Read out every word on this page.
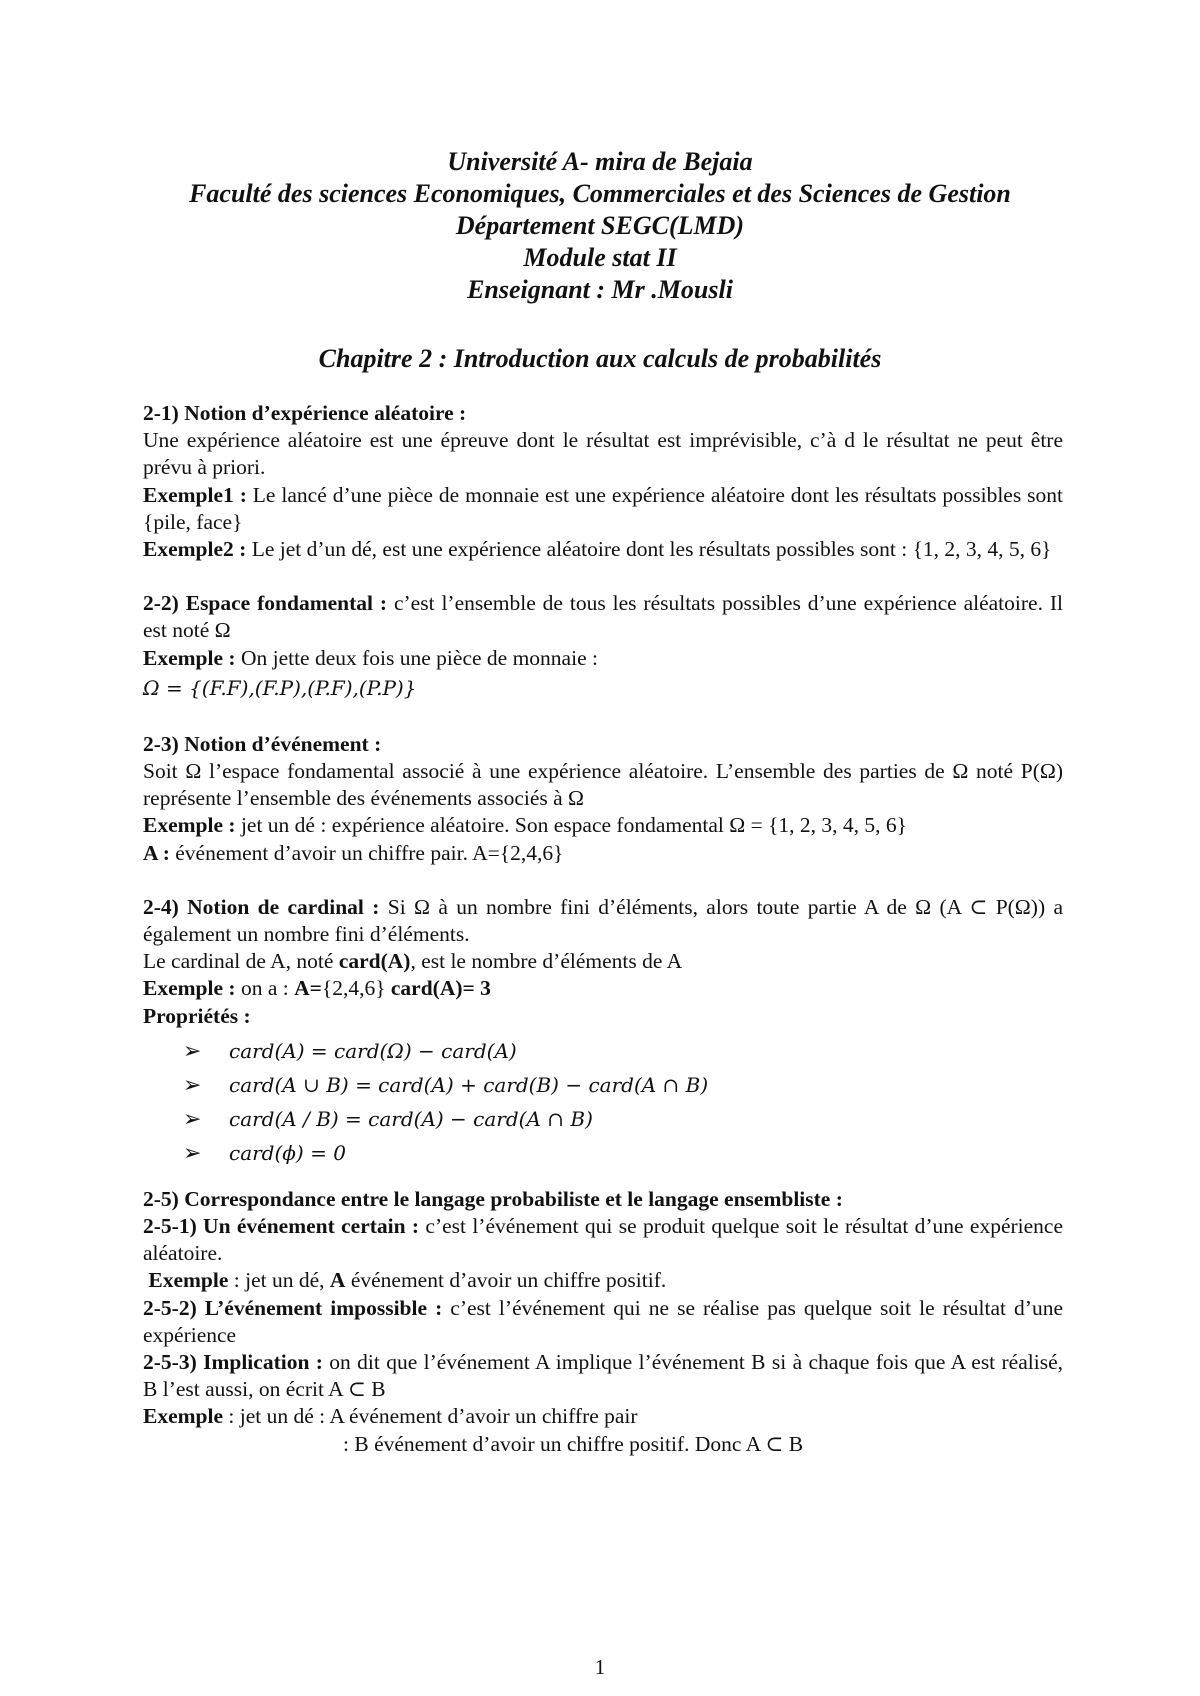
Université A- mira de Bejaia
Faculté des sciences Economiques, Commerciales et des Sciences de Gestion
Département SEGC(LMD)
Module stat II
Enseignant : Mr .Mousli
Chapitre 2 : Introduction aux calculs de probabilités

2-1) Notion d’expérience aléatoire :

Une expérience aléatoire est une épreuve dont le résultat est imprévisible, c’à d le résultat ne peut être prévu à priori.

Exemple1 : Le lancé d’une pièce de monnaie est une expérience aléatoire dont les résultats possibles sont {pile, face}

Exemple2 : Le jet d’un dé, est une expérience aléatoire dont les résultats possibles sont : {1, 2, 3, 4, 5, 6}

2-2) Espace fondamental : c’est l’ensemble de tous les résultats possibles d’une expérience aléatoire. Il est noté Ω

Exemple : On jette deux fois une pièce de monnaie :

Ω = {(F.F),(F.P),(P.F),(P.P)}

2-3) Notion d’événement :

Soit Ω l’espace fondamental associé à une expérience aléatoire. L’ensemble des parties de Ω noté P(Ω) représente l’ensemble des événements associés à Ω

Exemple : jet un dé : expérience aléatoire. Son espace fondamental Ω = {1, 2, 3, 4, 5, 6}

A : événement d’avoir un chiffre pair. A={2,4,6}

2-4) Notion de cardinal : Si Ω à un nombre fini d’éléments, alors toute partie A de Ω (A ⊂ P(Ω)) a également un nombre fini d’éléments.

Le cardinal de A, noté card(A), est le nombre d’éléments de A

Exemple : on a : A={2,4,6} card(A)= 3

Propriétés :

➢ card(A) = card(Ω) − card(A)
➢ card(A ∪ B) = card(A) + card(B) − card(A ∩ B)
➢ card(A / B) = card(A) − card(A ∩ B)
➢ card(ϕ) = 0

2-5) Correspondance entre le langage probabiliste et le langage ensembliste :

2-5-1) Un événement certain : c’est l’événement qui se produit quelque soit le résultat d’une expérience aléatoire.

Exemple : jet un dé, A événement d’avoir un chiffre positif.

2-5-2) L’événement impossible : c’est l’événement qui ne se réalise pas quelque soit le résultat d’une expérience

2-5-3) Implication : on dit que l’événement A implique l’événement B si à chaque fois que A est réalisé, B l’est aussi, on écrit A ⊂ B

Exemple : jet un dé : A événement d’avoir un chiffre pair

: B événement d’avoir un chiffre positif. Donc A ⊂ B

1
